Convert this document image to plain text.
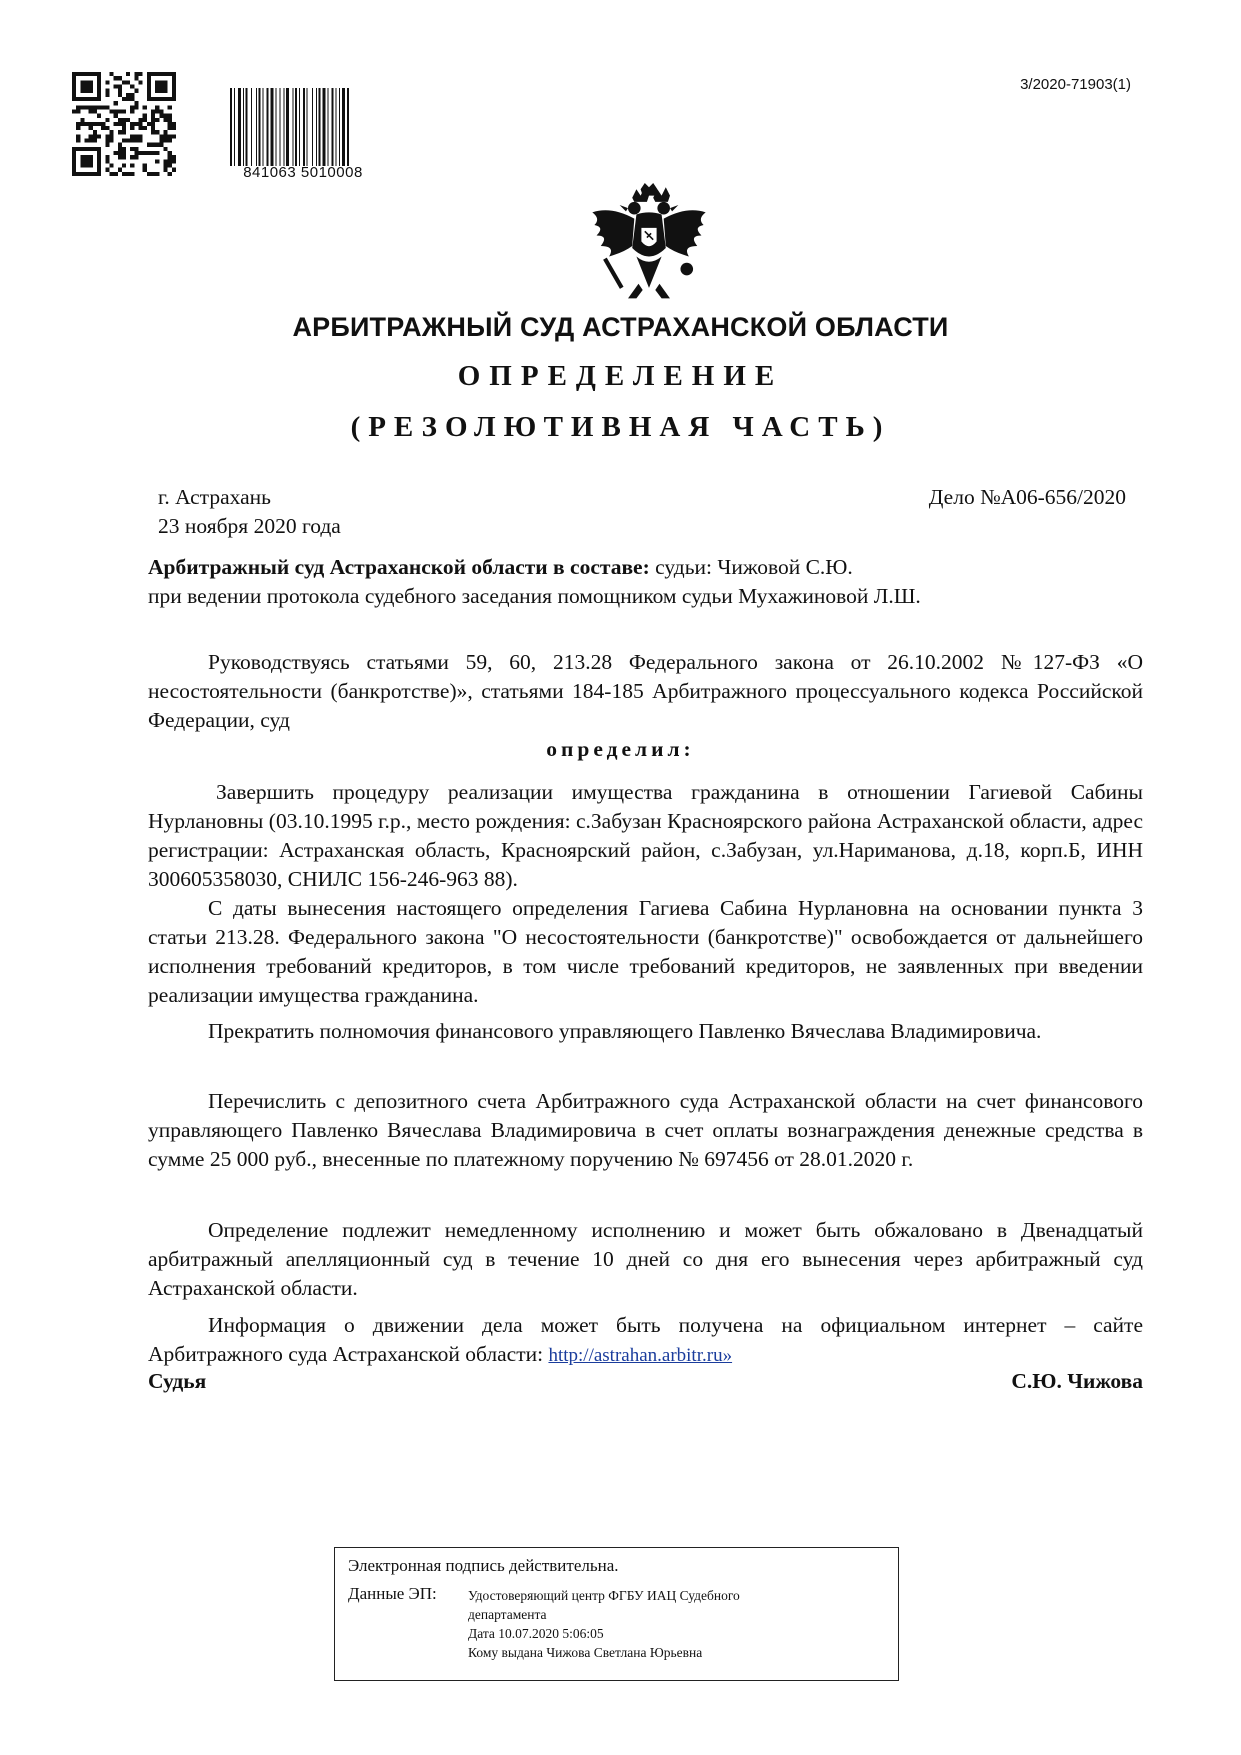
841063 5010008
3/2020-71903(1)
АРБИТРАЖНЫЙ СУД АСТРАХАНСКОЙ ОБЛАСТИ
ОПРЕДЕЛЕНИЕ
(РЕЗОЛЮТИВНАЯ ЧАСТЬ)
г. Астрахань
23 ноября 2020 года
Дело №А06-656/2020
Арбитражный суд Астраханской области в составе: судьи: Чижовой С.Ю.
при ведении протокола судебного заседания помощником судьи Мухажиновой Л.Ш.

Руководствуясь статьями 59, 60, 213.28 Федерального закона от 26.10.2002 №127-ФЗ «О несостоятельности (банкротстве)», статьями 184-185 Арбитражного процессуального кодекса Российской Федерации, суд

определил:

Завершить процедуру реализации имущества гражданина в отношении Гагиевой Сабины Нурлановны (03.10.1995 г.р., место рождения: с.Забузан Красноярского района Астраханской области, адрес регистрации: Астраханская область, Красноярский район, с.Забузан, ул.Нариманова, д.18, корп.Б, ИНН 300605358030, СНИЛС 156-246-963 88).

С даты вынесения настоящего определения Гагиева Сабина Нурлановна на основании пункта 3 статьи 213.28. Федерального закона "О несостоятельности (банкротстве)" освобождается от дальнейшего исполнения требований кредиторов, в том числе требований кредиторов, не заявленных при введении реализации имущества гражданина.

Прекратить полномочия финансового управляющего Павленко Вячеслава Владимировича.

Перечислить с депозитного счета Арбитражного суда Астраханской области на счет финансового управляющего Павленко Вячеслава Владимировича в счет оплаты вознаграждения денежные средства в сумме 25 000 руб., внесенные по платежному поручению № 697456 от 28.01.2020 г.

Определение подлежит немедленному исполнению и может быть обжаловано в Двенадцатый арбитражный апелляционный суд в течение 10 дней со дня его вынесения через арбитражный суд Астраханской области.

Информация о движении дела может быть получена на официальном интернет – сайте Арбитражного суда Астраханской области: http://astrahan.arbitr.ru»

Судья	С.Ю. Чижова
Электронная подпись действительна.
Данные ЭП: Удостоверяющий центр ФГБУ ИАЦ Судебного
департамента
Дата 10.07.2020 5:06:05
Кому выдана Чижова Светлана Юрьевна
